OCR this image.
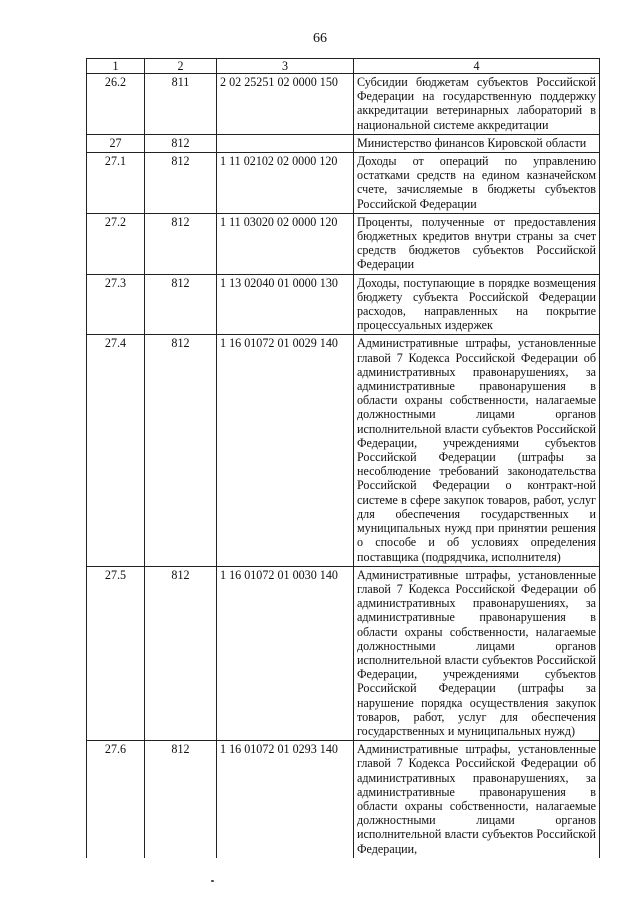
66
1	2	3	4
26.2	811	2 02 25251 02 0000 150	Субсидии бюджетам субъектов Российской Федерации на государственную поддержку аккредитации ветеринарных лабораторий в национальной системе аккредитации
27	812		Министерство финансов Кировской области
27.1	812	1 11 02102 02 0000 120	Доходы от операций по управлению остатками средств на едином казначейском счете, зачисляемые в бюджеты субъектов Российской Федерации
27.2	812	1 11 03020 02 0000 120	Проценты, полученные от предоставления бюджетных кредитов внутри страны за счет средств бюджетов субъектов Российской Федерации
27.3	812	1 13 02040 01 0000 130	Доходы, поступающие в порядке возмещения бюджету субъекта Российской Федерации расходов, направленных на покрытие процессуальных издержек
27.4	812	1 16 01072 01 0029 140	Административные штрафы, установленные главой 7 Кодекса Российской Федерации об административных правонарушениях, за административные правонарушения в области охраны собственности, налагаемые должностными лицами органов исполнительной власти субъектов Российской Федерации, учреждениями субъектов Российской Федерации (штрафы за несоблюдение требований законодательства Российской Федерации о контракт-ной системе в сфере закупок товаров, работ, услуг для обеспечения государственных и муниципальных нужд при принятии решения о способе и об условиях определения поставщика (подрядчика, исполнителя)
27.5	812	1 16 01072 01 0030 140	Административные штрафы, установленные главой 7 Кодекса Российской Федерации об административных правонарушениях, за административные правонарушения в области охраны собственности, налагаемые должностными лицами органов исполнительной власти субъектов Российской Федерации, учреждениями субъектов Российской Федерации (штрафы за нарушение порядка осуществления закупок товаров, работ, услуг для обеспечения государственных и муниципальных нужд)
27.6	812	1 16 01072 01 0293 140	Административные штрафы, установленные главой 7 Кодекса Российской Федерации об административных правонарушениях, за административные правонарушения в области охраны собственности, налагаемые должностными лицами органов исполнительной власти субъектов Российской Федерации,
